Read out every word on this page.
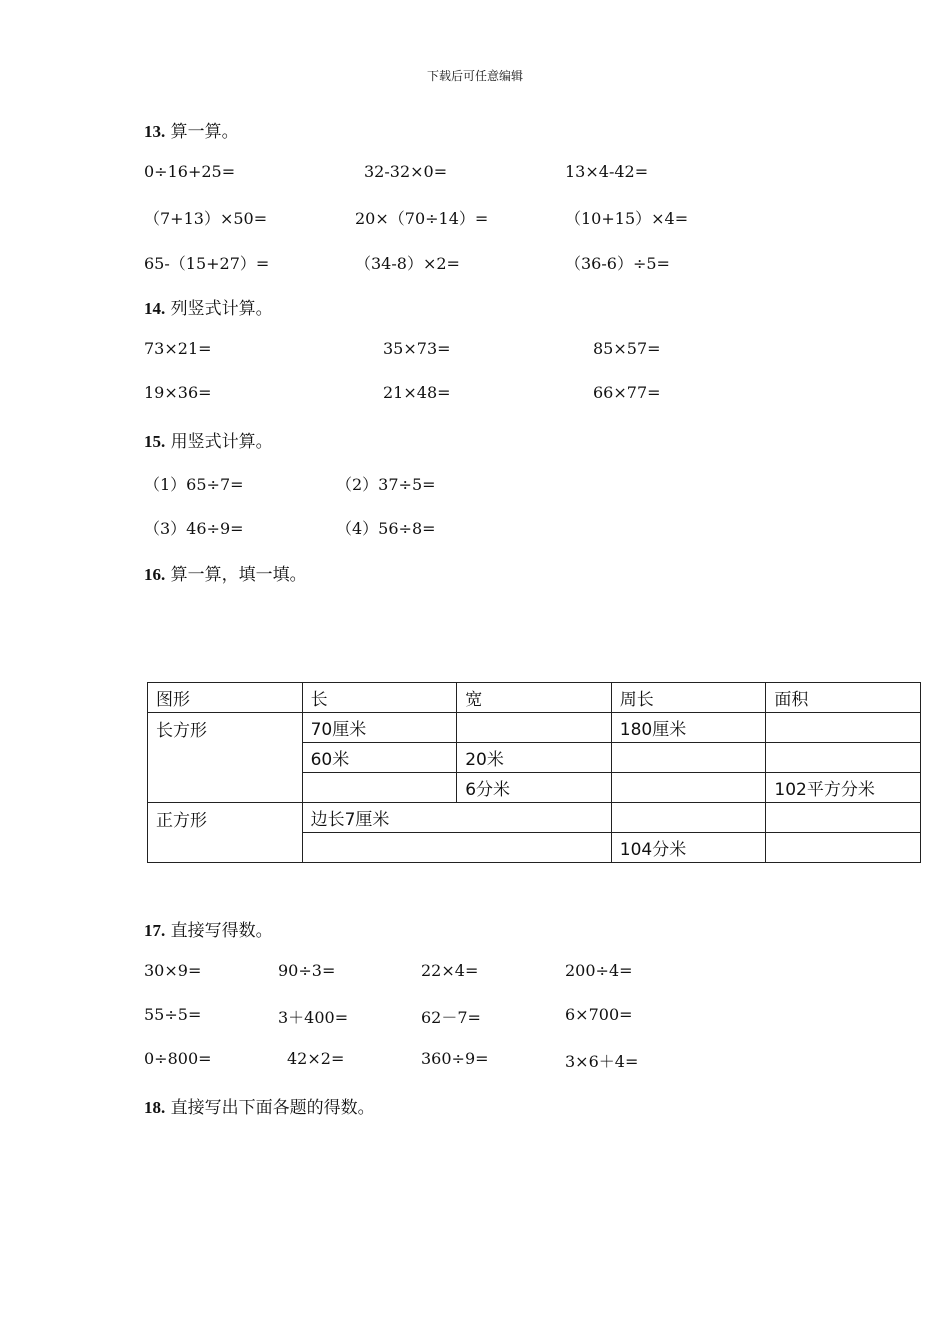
下载后可任意编辑
13. 算一算。
0÷16+25=	32-32×0=	13×4-42=
（7+13）×50=	20×（70÷14）=	（10+15）×4=
65-（15+27）=	（34-8）×2=	（36-6）÷5=
14. 列竖式计算。
73×21=	35×73=	85×57=
19×36=	21×48=	66×77=
15. 用竖式计算。
（1）65÷7=	（2）37÷5=
（3）46÷9=	（4）56÷8=
16. 算一算，填一填。
图形	长	宽	周长	面积
长方形	70厘米		180厘米	
	60米	20米		
		6分米		102平方分米
正方形	边长7厘米			
			104分米	
17. 直接写得数。
30×9=	90÷3=	22×4=	200÷4=
55÷5=	3＋400=	62－7=	6×700=
0÷800=	42×2=	360÷9=	3×6＋4=
18. 直接写出下面各题的得数。
